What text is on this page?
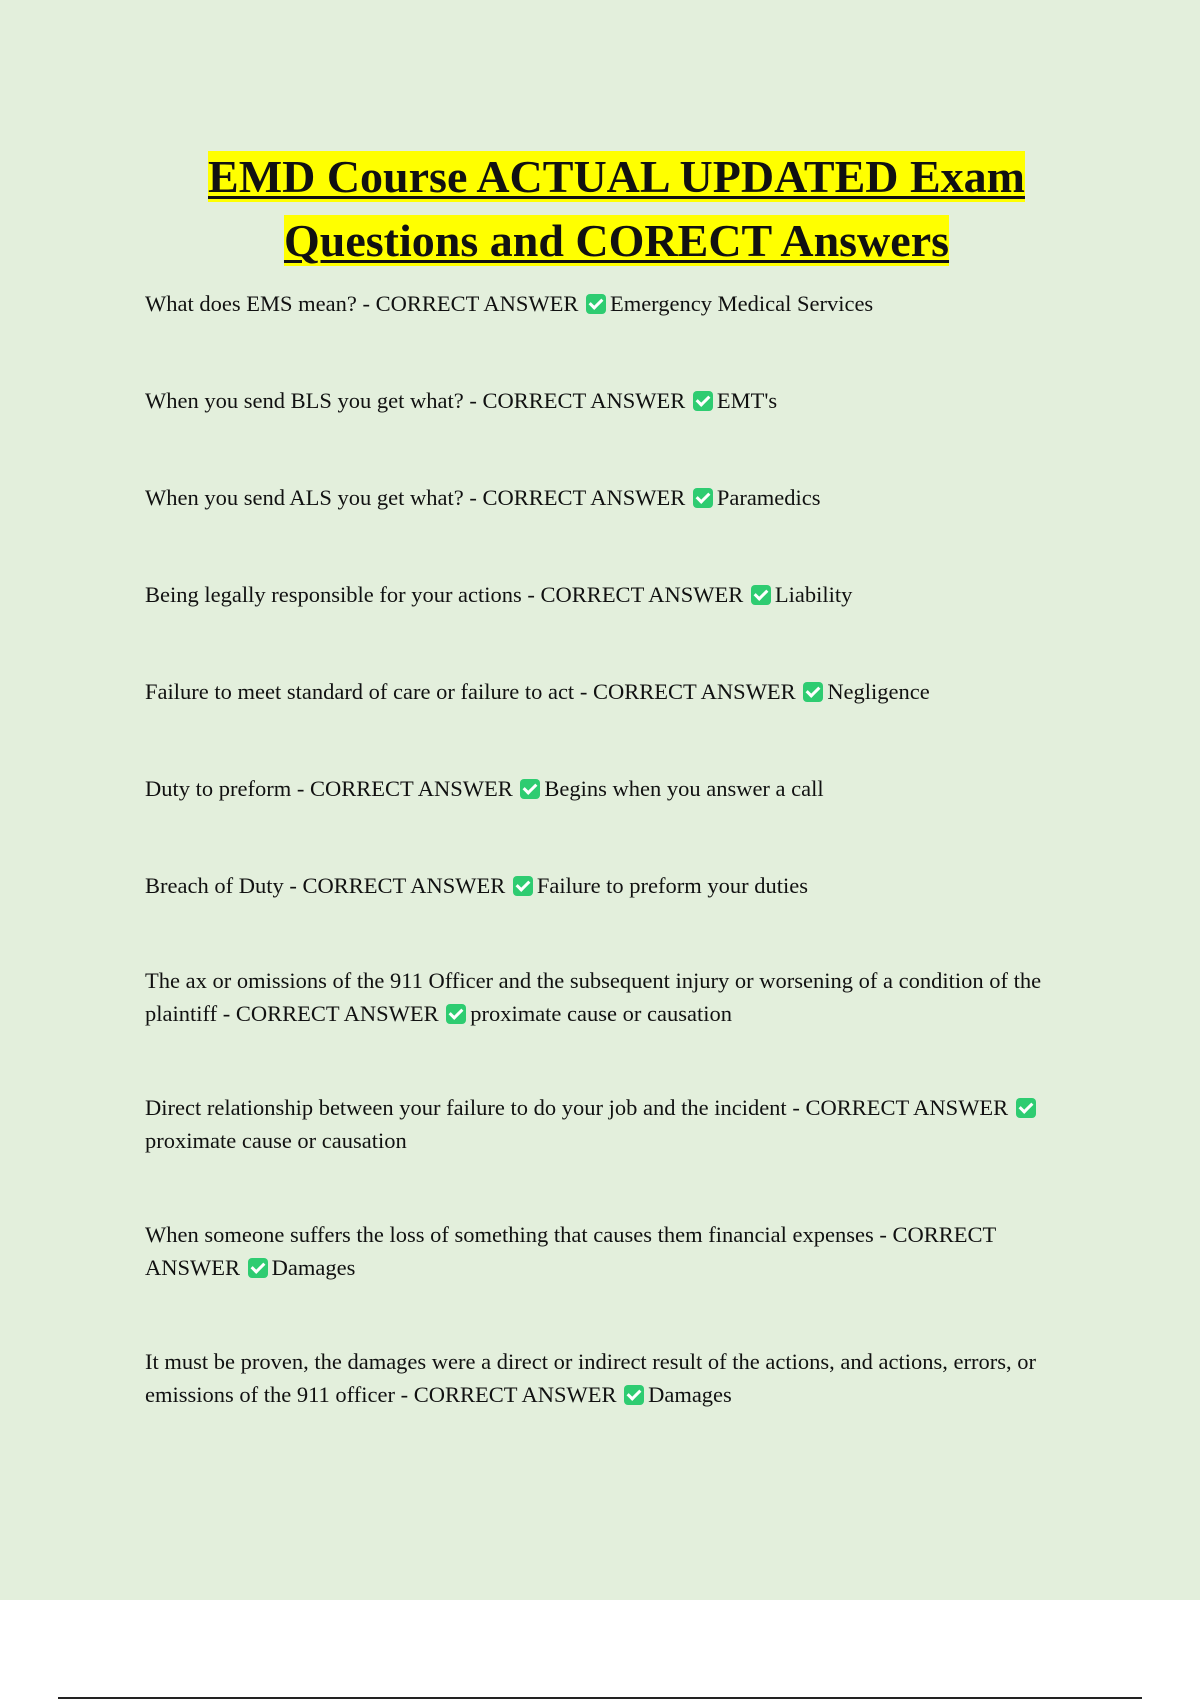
EMD Course ACTUAL UPDATED Exam
Questions and CORECT Answers

What does EMS mean? - CORRECT ANSWER Emergency Medical Services

When you send BLS you get what? - CORRECT ANSWER EMT's

When you send ALS you get what? - CORRECT ANSWER Paramedics

Being legally responsible for your actions - CORRECT ANSWER Liability

Failure to meet standard of care or failure to act - CORRECT ANSWER Negligence

Duty to preform - CORRECT ANSWER Begins when you answer a call

Breach of Duty - CORRECT ANSWER Failure to preform your duties

The ax or omissions of the 911 Officer and the subsequent injury or worsening of a condition of the plaintiff - CORRECT ANSWER proximate cause or causation

Direct relationship between your failure to do your job and the incident - CORRECT ANSWER proximate cause or causation

When someone suffers the loss of something that causes them financial expenses - CORRECT ANSWER Damages

It must be proven, the damages were a direct or indirect result of the actions, and actions, errors, or emissions of the 911 officer - CORRECT ANSWER Damages
